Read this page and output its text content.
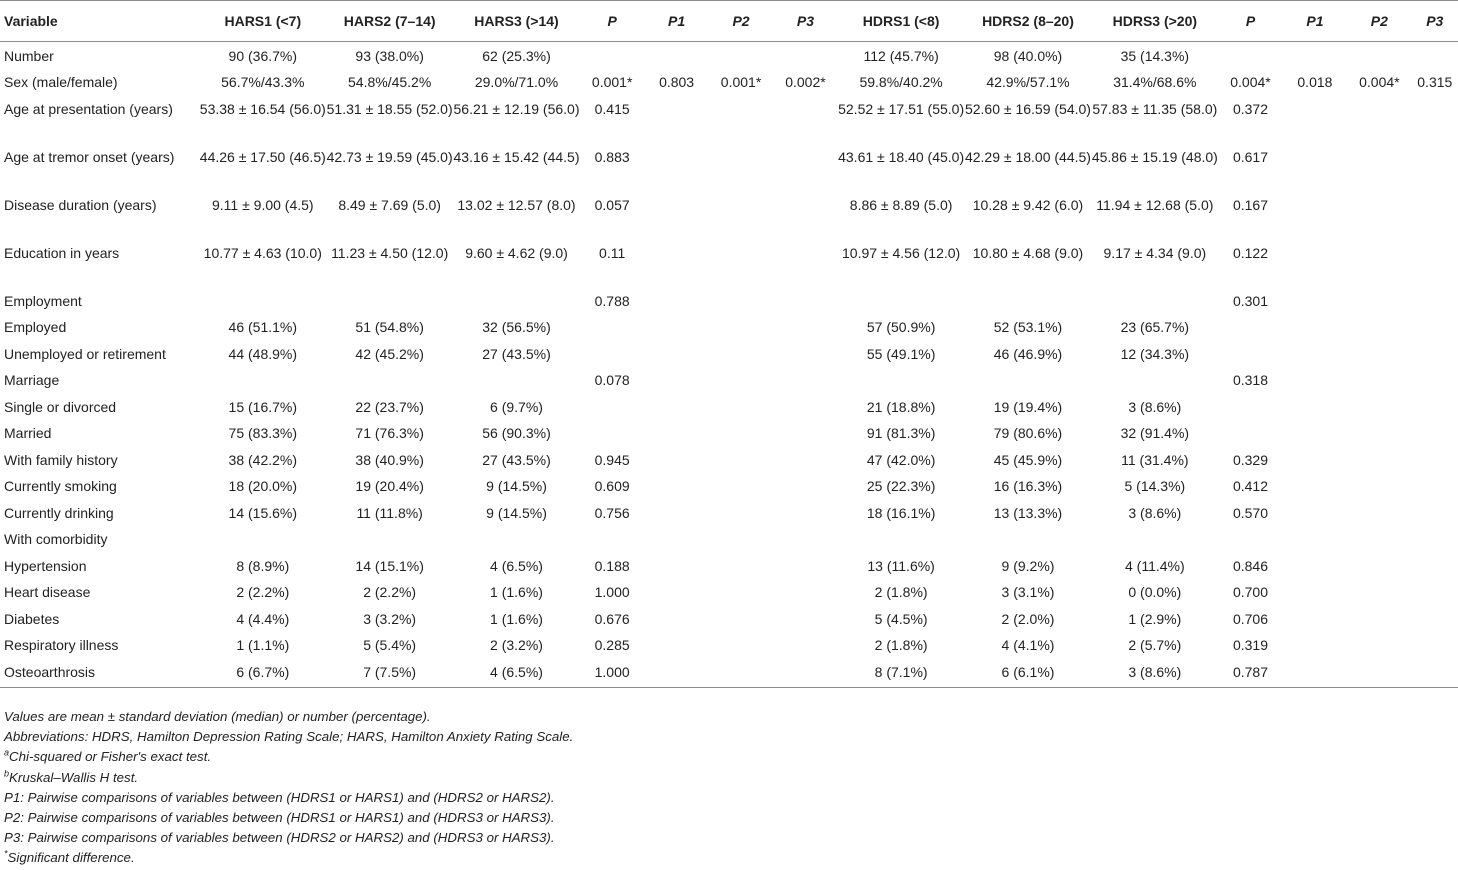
Variable	HARS1 (<7)	HARS2 (7–14)	HARS3 (>14)	P	P1	P2	P3	HDRS1 (<8)	HDRS2 (8–20)	HDRS3 (>20)	P	P1	P2	P3
Number	90 (36.7%)	93 (38.0%)	62 (25.3%)					112 (45.7%)	98 (40.0%)	35 (14.3%)				
Sex (male/female)	56.7%/43.3%	54.8%/45.2%	29.0%/71.0%	0.001*	0.803	0.001*	0.002*	59.8%/40.2%	42.9%/57.1%	31.4%/68.6%	0.004*	0.018	0.004*	0.315
Age at presentation (years)	53.38 ± 16.54 (56.0)	51.31 ± 18.55 (52.0)	56.21 ± 12.19 (56.0)	0.415				52.52 ± 17.51 (55.0)	52.60 ± 16.59 (54.0)	57.83 ± 11.35 (58.0)	0.372			
Age at tremor onset (years)	44.26 ± 17.50 (46.5)	42.73 ± 19.59 (45.0)	43.16 ± 15.42 (44.5)	0.883				43.61 ± 18.40 (45.0)	42.29 ± 18.00 (44.5)	45.86 ± 15.19 (48.0)	0.617			
Disease duration (years)	9.11 ± 9.00 (4.5)	8.49 ± 7.69 (5.0)	13.02 ± 12.57 (8.0)	0.057				8.86 ± 8.89 (5.0)	10.28 ± 9.42 (6.0)	11.94 ± 12.68 (5.0)	0.167			
Education in years	10.77 ± 4.63 (10.0)	11.23 ± 4.50 (12.0)	9.60 ± 4.62 (9.0)	0.11				10.97 ± 4.56 (12.0)	10.80 ± 4.68 (9.0)	9.17 ± 4.34 (9.0)	0.122			
Employment				0.788							0.301			
Employed	46 (51.1%)	51 (54.8%)	32 (56.5%)					57 (50.9%)	52 (53.1%)	23 (65.7%)				
Unemployed or retirement	44 (48.9%)	42 (45.2%)	27 (43.5%)					55 (49.1%)	46 (46.9%)	12 (34.3%)				
Marriage				0.078							0.318			
Single or divorced	15 (16.7%)	22 (23.7%)	6 (9.7%)					21 (18.8%)	19 (19.4%)	3 (8.6%)				
Married	75 (83.3%)	71 (76.3%)	56 (90.3%)					91 (81.3%)	79 (80.6%)	32 (91.4%)				
With family history	38 (42.2%)	38 (40.9%)	27 (43.5%)	0.945				47 (42.0%)	45 (45.9%)	11 (31.4%)	0.329			
Currently smoking	18 (20.0%)	19 (20.4%)	9 (14.5%)	0.609				25 (22.3%)	16 (16.3%)	5 (14.3%)	0.412			
Currently drinking	14 (15.6%)	11 (11.8%)	9 (14.5%)	0.756				18 (16.1%)	13 (13.3%)	3 (8.6%)	0.570			
With comorbidity														
Hypertension	8 (8.9%)	14 (15.1%)	4 (6.5%)	0.188				13 (11.6%)	9 (9.2%)	4 (11.4%)	0.846			
Heart disease	2 (2.2%)	2 (2.2%)	1 (1.6%)	1.000				2 (1.8%)	3 (3.1%)	0 (0.0%)	0.700			
Diabetes	4 (4.4%)	3 (3.2%)	1 (1.6%)	0.676				5 (4.5%)	2 (2.0%)	1 (2.9%)	0.706			
Respiratory illness	1 (1.1%)	5 (5.4%)	2 (3.2%)	0.285				2 (1.8%)	4 (4.1%)	2 (5.7%)	0.319			
Osteoarthrosis	6 (6.7%)	7 (7.5%)	4 (6.5%)	1.000				8 (7.1%)	6 (6.1%)	3 (8.6%)	0.787			
Values are mean ± standard deviation (median) or number (percentage).
Abbreviations: HDRS, Hamilton Depression Rating Scale; HARS, Hamilton Anxiety Rating Scale.
$^a$Chi-squared or Fisher's exact test.
$^b$Kruskal–Wallis H test.
P1: Pairwise comparisons of variables between (HDRS1 or HARS1) and (HDRS2 or HARS2).
P2: Pairwise comparisons of variables between (HDRS1 or HARS1) and (HDRS3 or HARS3).
P3: Pairwise comparisons of variables between (HDRS2 or HARS2) and (HDRS3 or HARS3).
*Significant difference.
